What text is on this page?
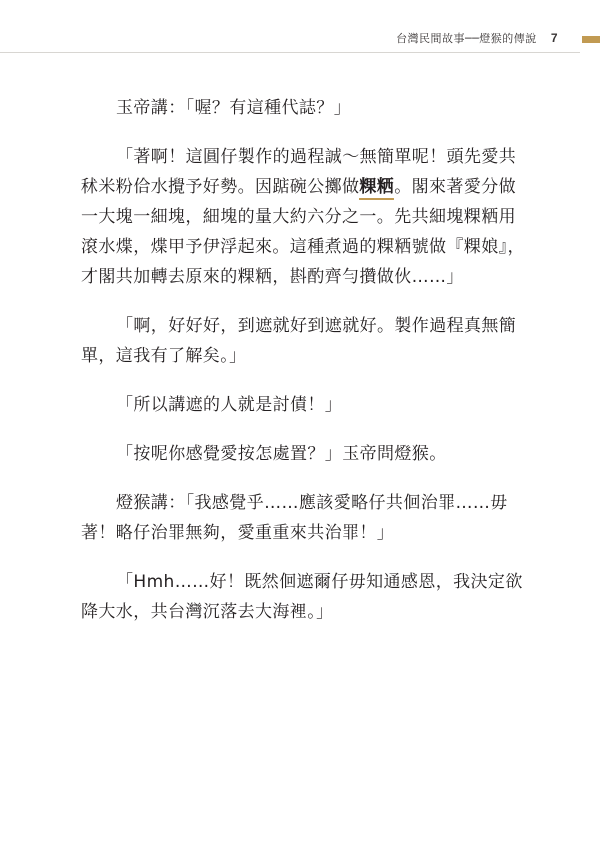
台灣民間故事──燈猴的傳說 7

玉帝講：「喔？有這種代誌？」

「著啊！這圓仔製作的過程誠～無簡單呢！頭先愛共
秫米粉佮水攪予好勢。因踮碗公擲做粿粞。閣來著愛分做
一大塊一細塊，細塊的量大約六分之一。先共細塊粿粞用
滾水煠，煠甲予伊浮起來。這種煮過的粿粞號做『粿娘』，
才閣共加轉去原來的粿粞，斟酌齊勻攢做伙……」

「啊，好好好，到遮就好到遮就好。製作過程真無簡
單，這我有了解矣。」

「所以講遮的人就是討債！」

「按呢你感覺愛按怎處置？」玉帝問燈猴。

燈猴講：「我感覺乎……應該愛略仔共佪治罪……毋
著！略仔治罪無夠，愛重重來共治罪！」

「Hmh……好！既然佪遮爾仔毋知通感恩，我決定欲
降大水，共台灣沉落去大海裡。」
